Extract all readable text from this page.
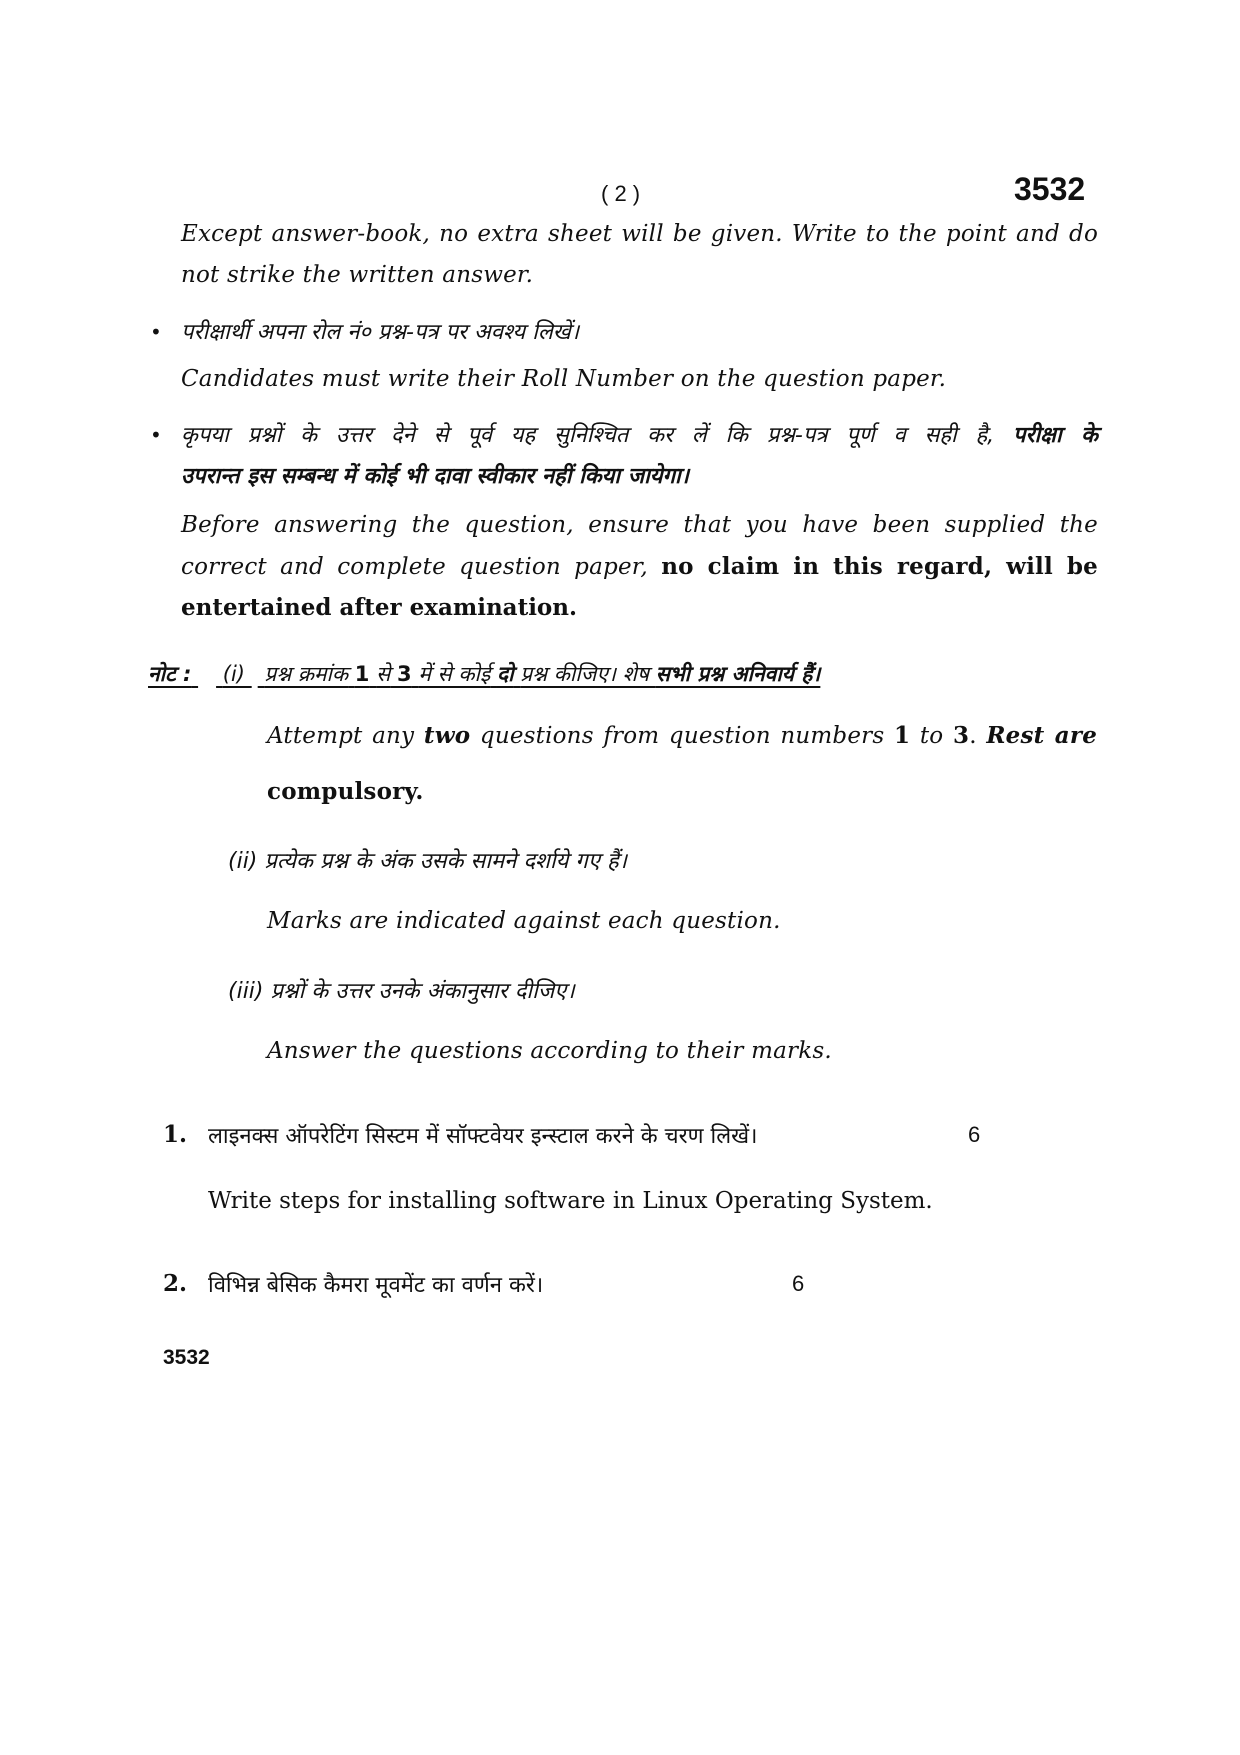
( 2 )	3532
Except answer-book, no extra sheet will be given. Write to the point and do
not strike the written answer.
• परीक्षार्थी अपना रोल नं० प्रश्न-पत्र पर अवश्य लिखें।
Candidates must write their Roll Number on the question paper.
• कृपया प्रश्नों के उत्तर देने से पूर्व यह सुनिश्चित कर लें कि प्रश्न-पत्र पूर्ण व सही है, परीक्षा के
उपरान्त इस सम्बन्ध में कोई भी दावा स्वीकार नहीं किया जायेगा।
Before answering the question, ensure that you have been supplied the
correct and complete question paper, no claim in this regard, will be
entertained after examination.
नोट : (i) प्रश्न क्रमांक 1 से 3 में से कोई दो प्रश्न कीजिए। शेष सभी प्रश्न अनिवार्य हैं।
Attempt any two questions from question numbers 1 to 3. Rest are
compulsory.
(ii) प्रत्येक प्रश्न के अंक उसके सामने दर्शाये गए हैं।
Marks are indicated against each question.
(iii) प्रश्नों के उत्तर उनके अंकानुसार दीजिए।
Answer the questions according to their marks.
1. लाइनक्स ऑपरेटिंग सिस्टम में सॉफ्टवेयर इन्स्टाल करने के चरण लिखें।	6
Write steps for installing software in Linux Operating System.
2. विभिन्न बेसिक कैमरा मूवमेंट का वर्णन करें।	6
3532
